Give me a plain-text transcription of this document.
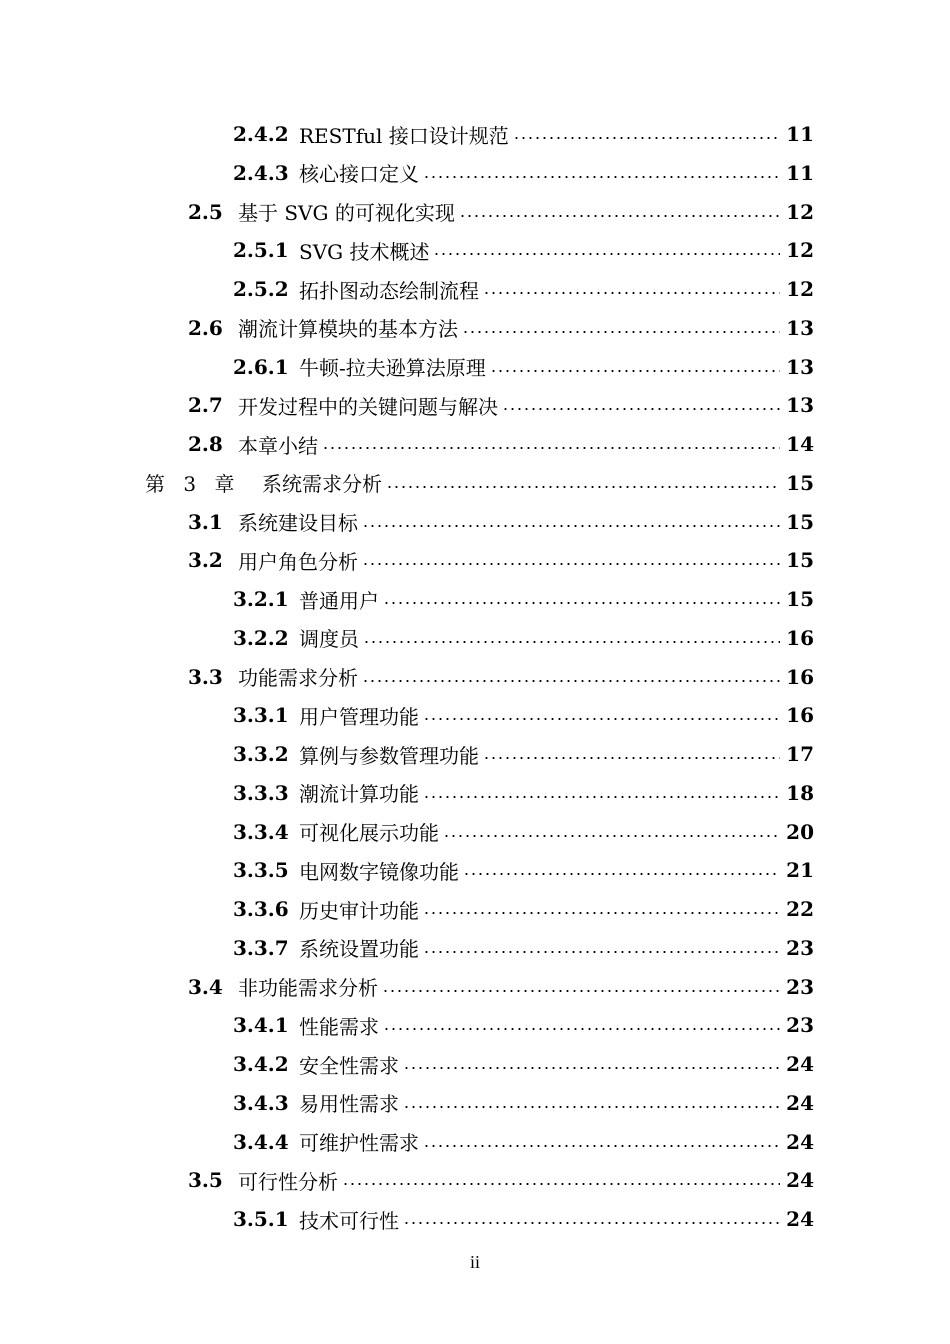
2.4.2 RESTful 接口设计规范	11
2.4.3 核心接口定义	11
2.5 基于 SVG 的可视化实现	12
2.5.1 SVG 技术概述	12
2.5.2 拓扑图动态绘制流程	12
2.6 潮流计算模块的基本方法	13
2.6.1 牛顿-拉夫逊算法原理	13
2.7 开发过程中的关键问题与解决	13
2.8 本章小结	14
第 3 章	系统需求分析	15
3.1 系统建设目标	15
3.2 用户角色分析	15
3.2.1 普通用户	15
3.2.2 调度员	16
3.3 功能需求分析	16
3.3.1 用户管理功能	16
3.3.2 算例与参数管理功能	17
3.3.3 潮流计算功能	18
3.3.4 可视化展示功能	20
3.3.5 电网数字镜像功能	21
3.3.6 历史审计功能	22
3.3.7 系统设置功能	23
3.4 非功能需求分析	23
3.4.1 性能需求	23
3.4.2 安全性需求	24
3.4.3 易用性需求	24
3.4.4 可维护性需求	24
3.5 可行性分析	24
3.5.1 技术可行性	24
ii
